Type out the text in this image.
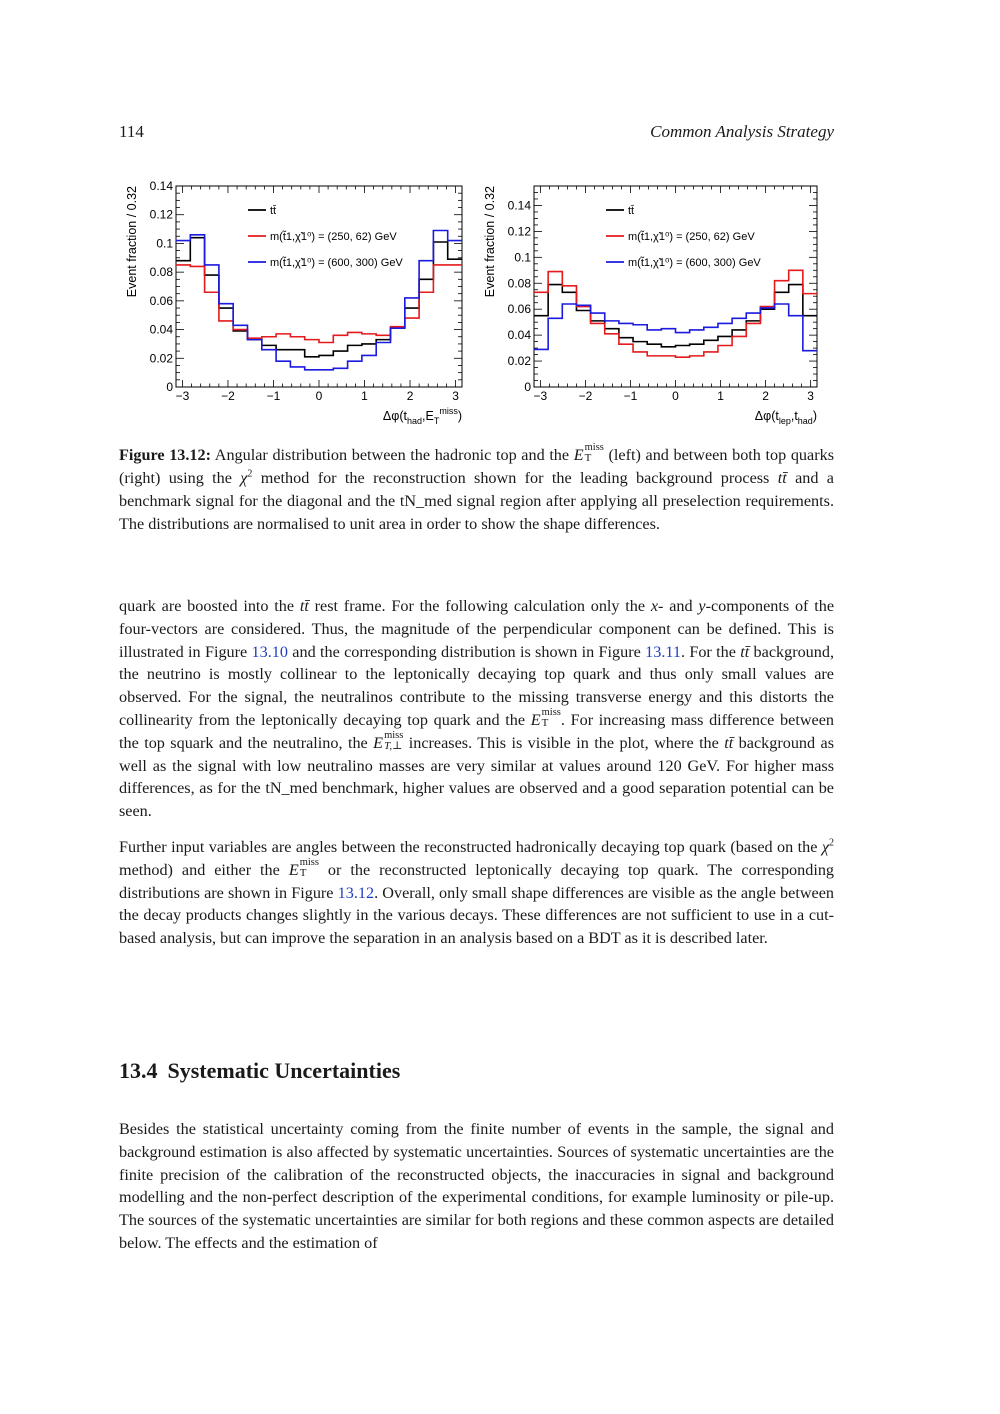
114	Common Analysis Strategy
−3	−2	−1	0	1	2	3
0
0.02
0.04
0.06
0.08
0.1
0.12
0.14
Event fraction / 0.32
$\Delta\varphi(t_{had},E_T^{miss})$
tt̄
m(t̃1,χ̃1⁰) = (250, 62) GeV
m(t̃1,χ̃1⁰) = (600, 300) GeV
−3	−2	−1	0	1	2	3
0
0.02
0.04
0.06
0.08
0.1
0.12
0.14
Event fraction / 0.32
$\Delta\varphi(t_{lep},t_{had})$
tt̄
m(t̃1,χ̃1⁰) = (250, 62) GeV
m(t̃1,χ̃1⁰) = (600, 300) GeV
Figure 13.12: Angular distribution between the hadronic top and the E miss
T (left) and between both top quarks (right) using the $\chi^2$ method for the reconstruction shown for the leading background process tt̄ and a benchmark signal for the diagonal and the tN_med signal region after applying all preselection requirements. The distributions are normalised to unit area in order to show the shape differences.

quark are boosted into the tt̄ rest frame. For the following calculation only the x- and y-components of the four-vectors are considered. Thus, the magnitude of the perpendicular component can be defined. This is illustrated in Figure 13.10 and the corresponding distribution is shown in Figure 13.11. For the tt̄ background, the neutrino is mostly collinear to the leptonically decaying top quark and thus only small values are observed. For the signal, the neutralinos contribute to the missing transverse energy and this distorts the collinearity from the leptonically decaying top quark and the E miss
T . For increasing mass difference between the top squark and the neutralino, the E miss
T,⊥ increases. This is visible in the plot, where the tt̄ background as well as the signal with low neutralino masses are very similar at values around 120 GeV. For higher mass differences, as for the tN_med benchmark, higher values are observed and a good separation potential can be seen.

Further input variables are angles between the reconstructed hadronically decaying top quark (based on the $\chi^2$ method) and either the E miss
T or the reconstructed leptonically decaying top quark. The corresponding distributions are shown in Figure 13.12. Overall, only small shape differences are visible as the angle between the decay products changes slightly in the various decays. These differences are not sufficient to use in a cut-based analysis, but can improve the separation in an analysis based on a BDT as it is described later.

13.4 Systematic Uncertainties

Besides the statistical uncertainty coming from the finite number of events in the sample, the signal and background estimation is also affected by systematic uncertainties. Sources of systematic uncertainties are the finite precision of the calibration of the reconstructed objects, the inaccuracies in signal and background modelling and the non-perfect description of the experimental conditions, for example luminosity or pile-up. The sources of the systematic uncertainties are similar for both regions and these common aspects are detailed below. The effects and the estimation of
